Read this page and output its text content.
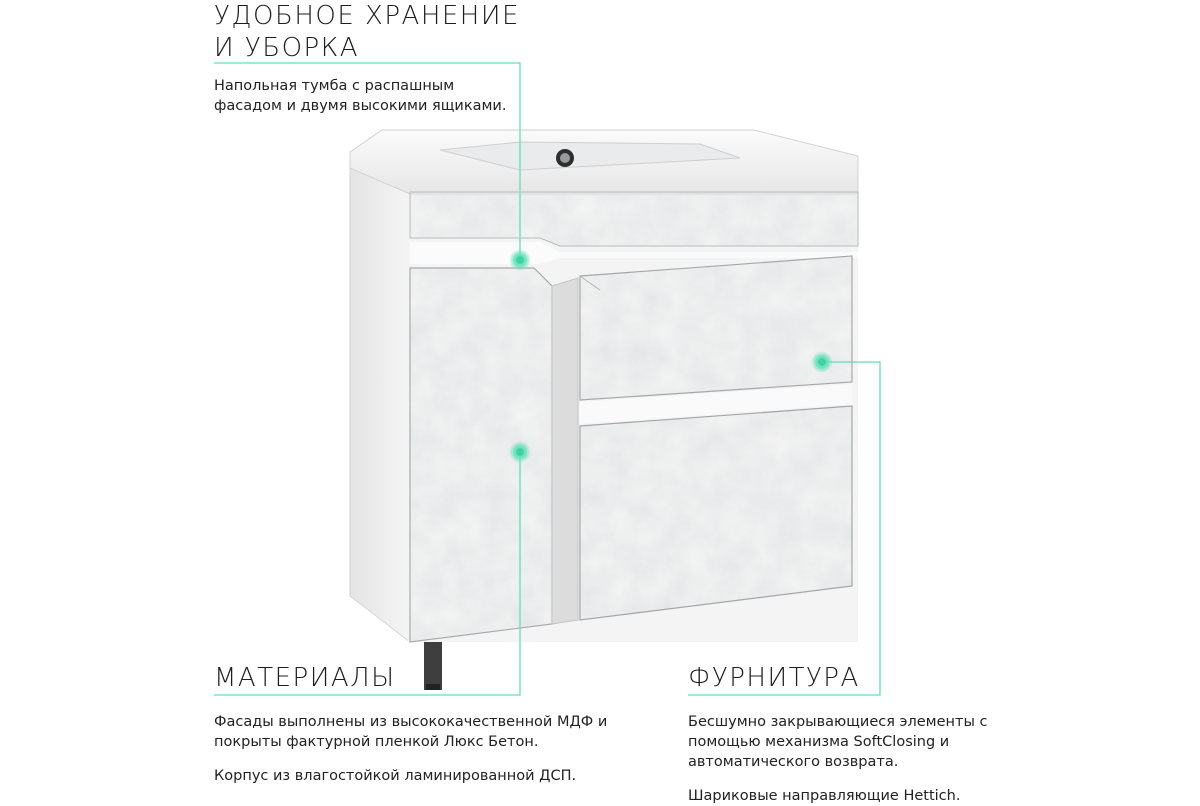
УДОБНОЕ ХРАНЕНИЕ
И УБОРКА

Напольная тумба с распашным фасадом и двумя высокими ящиками.

МАТЕРИАЛЫ

Фасады выполнены из высококачественной МДФ и покрыты фактурной пленкой Люкс Бетон.

Корпус из влагостойкой ламинированной ДСП.

ФУРНИТУРА

Бесшумно закрывающиеся элементы с помощью механизма SoftClosing и автоматического возврата.

Шариковые направляющие Hettich.
